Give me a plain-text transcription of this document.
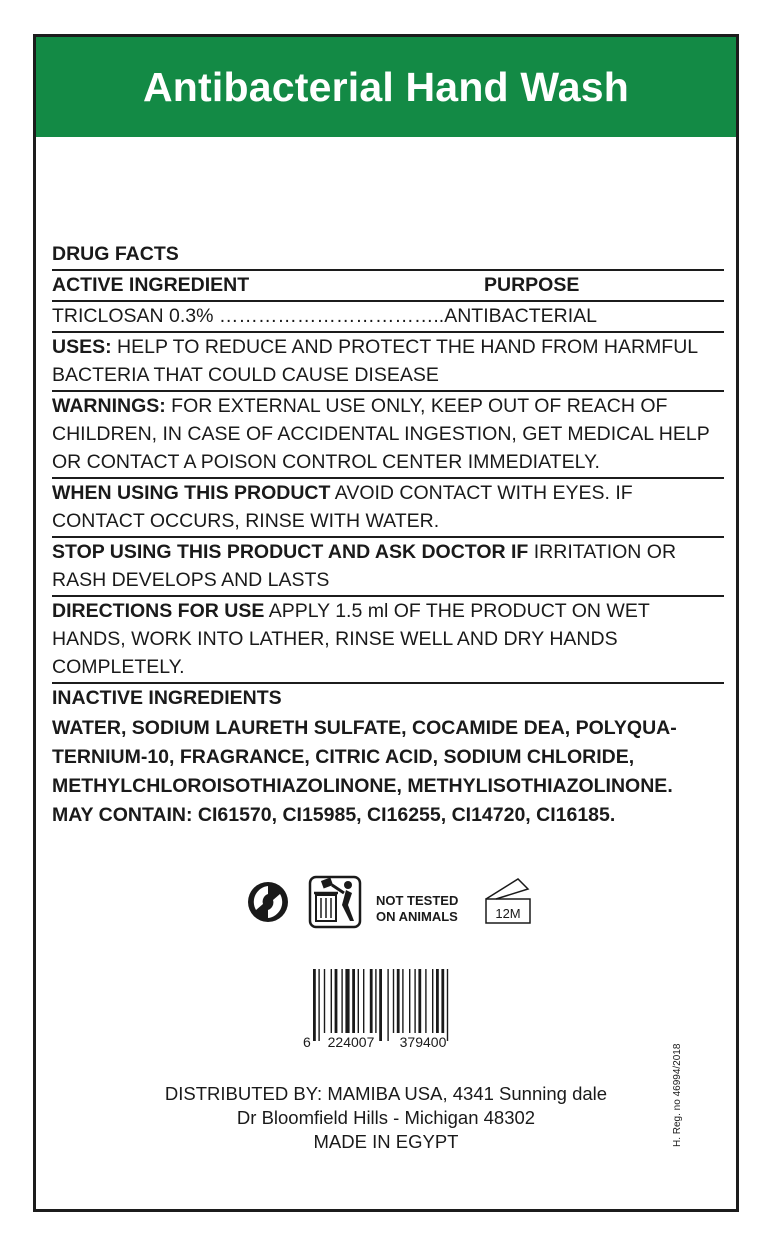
Antibacterial Hand Wash
DRUG FACTS
ACTIVE INGREDIENT	PURPOSE
TRICLOSAN 0.3% ……………………………..ANTIBACTERIAL
USES: HELP TO REDUCE AND PROTECT THE HAND FROM HARMFUL
BACTERIA THAT COULD CAUSE DISEASE
WARNINGS: FOR EXTERNAL USE ONLY, KEEP OUT OF REACH OF
CHILDREN, IN CASE OF ACCIDENTAL INGESTION, GET MEDICAL HELP
OR CONTACT A POISON CONTROL CENTER IMMEDIATELY.
WHEN USING THIS PRODUCT AVOID CONTACT WITH EYES. IF
CONTACT OCCURS, RINSE WITH WATER.
STOP USING THIS PRODUCT AND ASK DOCTOR IF IRRITATION OR
RASH DEVELOPS AND LASTS
DIRECTIONS FOR USE APPLY 1.5 ml OF THE PRODUCT ON WET
HANDS, WORK INTO LATHER, RINSE WELL AND DRY HANDS
COMPLETELY.
INACTIVE INGREDIENTS
WATER, SODIUM LAURETH SULFATE, COCAMIDE DEA, POLYQUA-
TERNIUM-10, FRAGRANCE, CITRIC ACID, SODIUM CHLORIDE,
METHYLCHLOROISOTHIAZOLINONE, METHYLISOTHIAZOLINONE.
MAY CONTAIN: CI61570, CI15985, CI16255, CI14720, CI16185.
NOT TESTED
ON ANIMALS	12M
6 224007 379400
H. Reg. no 46994/2018
DISTRIBUTED BY: MAMIBA USA, 4341 Sunning dale
Dr Bloomfield Hills - Michigan 48302
MADE IN EGYPT
